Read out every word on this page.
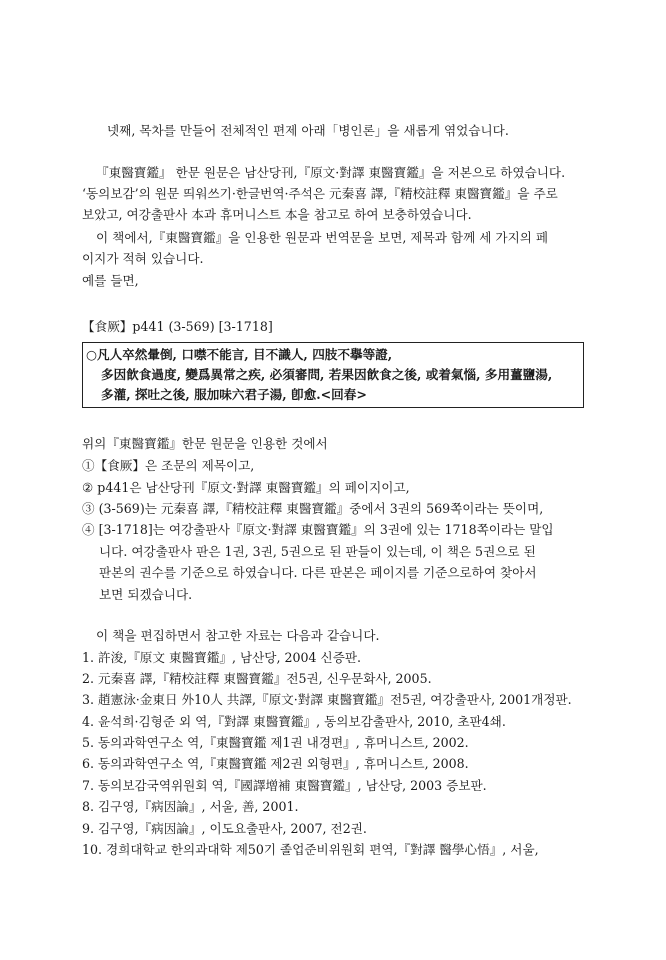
넷째, 목차를 만들어 전체적인 편제 아래「병인론」을 새롭게 엮었습니다.
『東醫寶鑑』 한문 원문은 남산당刊,『原文·對譯 東醫寶鑑』을 저본으로 하였습니다.
‘동의보감’의 원문 띄워쓰기·한글번역·주석은 元秦喜 譯,『精校註釋 東醫寶鑑』을 주로
보았고, 여강출판사 本과 휴머니스트 本을 참고로 하여 보충하였습니다.
이 책에서,『東醫寶鑑』을 인용한 원문과 번역문을 보면, 제목과 함께 세 가지의 페
이지가 적혀 있습니다.
예를 들면,
【食厥】p441 (3-569) [3-1718]
○凡人卒然暈倒, 口噤不能言, 目不識人, 四肢不擧等證,
多因飮食過度, 變爲異常之疾, 必須審問, 若果因飮食之後, 或着氣惱, 多用薑鹽湯,
多灌, 探吐之後, 服加味六君子湯, 卽愈.<回春>
위의『東醫寶鑑』한문 원문을 인용한 것에서
①【食厥】은 조문의 제목이고,
② p441은 남산당刊『原文·對譯 東醫寶鑑』의 페이지이고,
③ (3-569)는 元秦喜 譯,『精校註釋 東醫寶鑑』중에서 3권의 569쪽이라는 뜻이며,
④ [3-1718]는 여강출판사『原文·對譯 東醫寶鑑』의 3권에 있는 1718쪽이라는 말입
니다. 여강출판사 판은 1권, 3권, 5권으로 된 판들이 있는데, 이 책은 5권으로 된
판본의 권수를 기준으로 하였습니다. 다른 판본은 페이지를 기준으로하여 찾아서
보면 되겠습니다.
이 책을 편집하면서 참고한 자료는 다음과 같습니다.
1. 許浚,『原文 東醫寶鑑』, 남산당, 2004 신증판.
2. 元秦喜 譯,『精校註釋 東醫寶鑑』전5권, 신우문화사, 2005.
3. 趙憲泳·金東日 外10人 共譯,『原文·對譯 東醫寶鑑』전5권, 여강출판사, 2001개정판.
4. 윤석희·김형준 외 역,『對譯 東醫寶鑑』, 동의보감출판사, 2010, 초판4쇄.
5. 동의과학연구소 역,『東醫寶鑑 제1권 내경편』, 휴머니스트, 2002.
6. 동의과학연구소 역,『東醫寶鑑 제2권 외형편』, 휴머니스트, 2008.
7. 동의보감국역위원회 역,『國譯增補 東醫寶鑑』, 남산당, 2003 증보판.
8. 김구영,『病因論』, 서울, 善, 2001.
9. 김구영,『病因論』, 이도요출판사, 2007, 전2권.
10. 경희대학교 한의과대학 제50기 졸업준비위원회 편역,『對譯 醫學心悟』, 서울,
